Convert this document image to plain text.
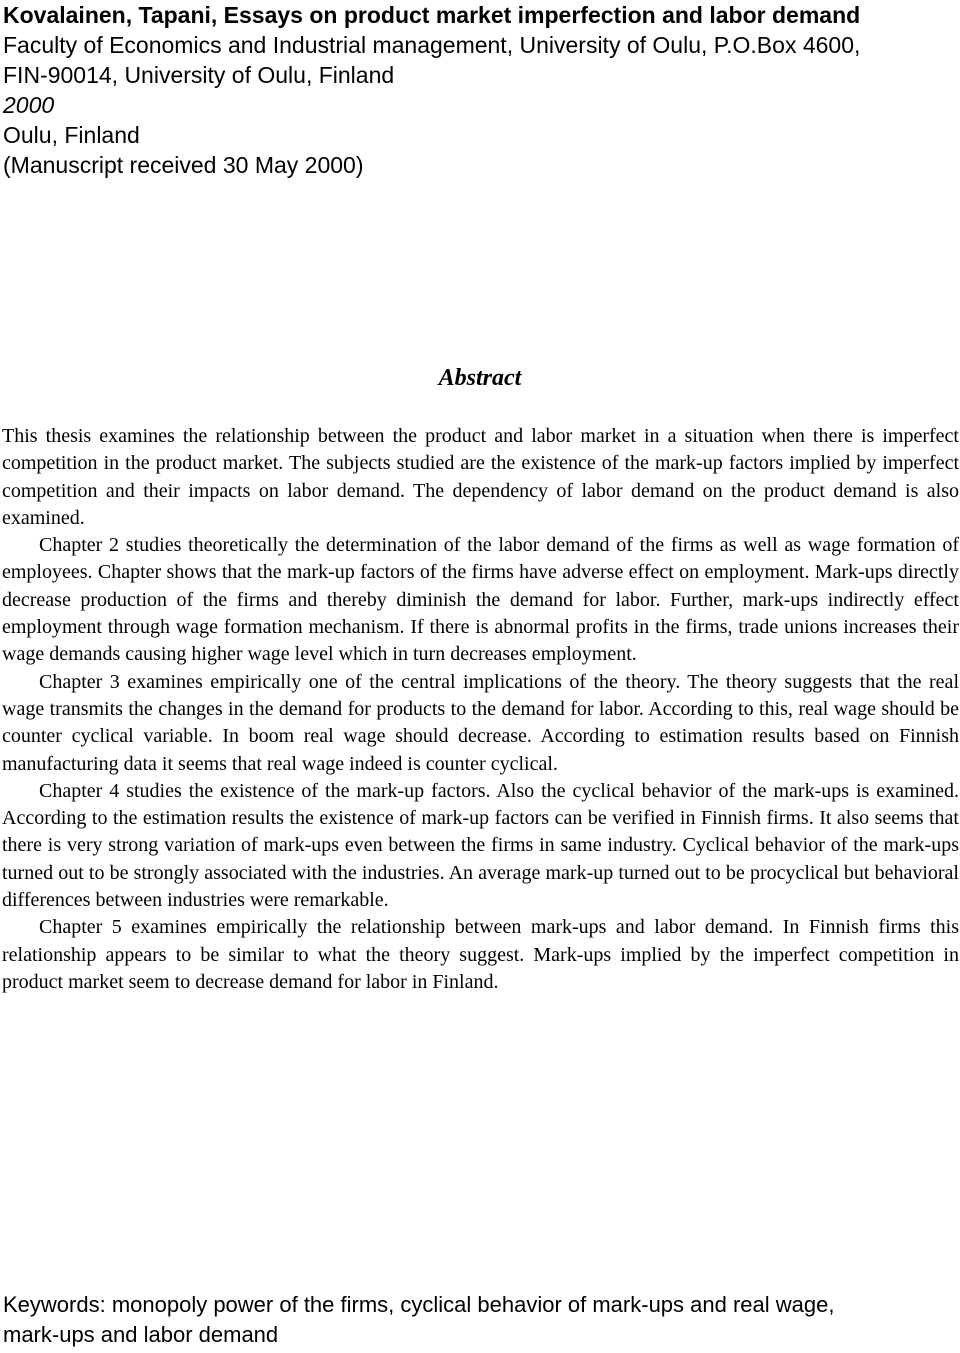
Kovalainen, Tapani, Essays on product market imperfection and labor demand
Faculty of Economics and Industrial management, University of Oulu, P.O.Box 4600,
FIN-90014, University of Oulu, Finland
2000
Oulu, Finland
(Manuscript received 30 May 2000)
Abstract

This thesis examines the relationship between the product and labor market in a situation when there is imperfect competition in the product market. The subjects studied are the existence of the mark-up factors implied by imperfect competition and their impacts on labor demand. The dependency of labor demand on the product demand is also examined.

Chapter 2 studies theoretically the determination of the labor demand of the firms as well as wage formation of employees. Chapter shows that the mark-up factors of the firms have adverse effect on employment. Mark-ups directly decrease production of the firms and thereby diminish the demand for labor. Further, mark-ups indirectly effect employment through wage formation mechanism. If there is abnormal profits in the firms, trade unions increases their wage demands causing higher wage level which in turn decreases employment.

Chapter 3 examines empirically one of the central implications of the theory. The theory suggests that the real wage transmits the changes in the demand for products to the demand for labor. According to this, real wage should be counter cyclical variable. In boom real wage should decrease. According to estimation results based on Finnish manufacturing data it seems that real wage indeed is counter cyclical.

Chapter 4 studies the existence of the mark-up factors. Also the cyclical behavior of the mark-ups is examined. According to the estimation results the existence of mark-up factors can be verified in Finnish firms. It also seems that there is very strong variation of mark-ups even between the firms in same industry. Cyclical behavior of the mark-ups turned out to be strongly associated with the industries. An average mark-up turned out to be procyclical but behavioral differences between industries were remarkable.

Chapter 5 examines empirically the relationship between mark-ups and labor demand. In Finnish firms this relationship appears to be similar to what the theory suggest. Mark-ups implied by the imperfect competition in product market seem to decrease demand for labor in Finland.

Keywords: monopoly power of the firms, cyclical behavior of mark-ups and real wage,
mark-ups and labor demand
